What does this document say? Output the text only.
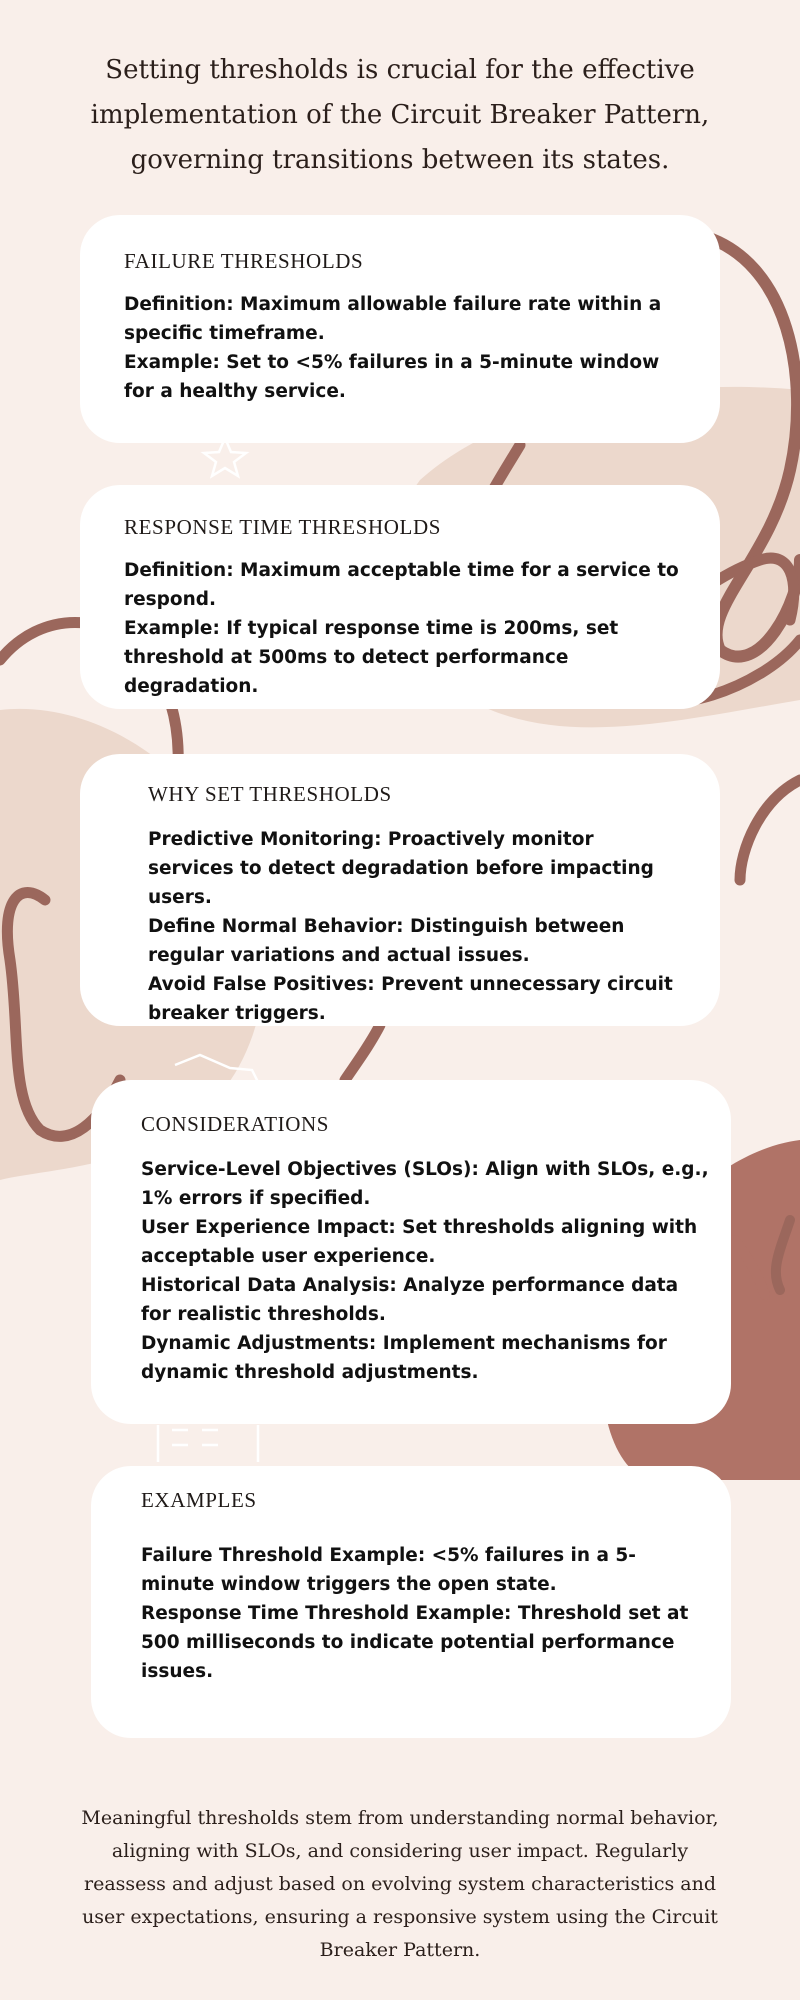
Setting thresholds is crucial for the effective implementation of the Circuit Breaker Pattern, governing transitions between its states.

FAILURE THRESHOLDS

Definition: Maximum allowable failure rate within a specific timeframe.

Example: Set to <5% failures in a 5-minute window for a healthy service.

RESPONSE TIME THRESHOLDS

Definition: Maximum acceptable time for a service to respond.

Example: If typical response time is 200ms, set threshold at 500ms to detect performance degradation.

WHY SET THRESHOLDS

Predictive Monitoring: Proactively monitor services to detect degradation before impacting users.

Define Normal Behavior: Distinguish between regular variations and actual issues.

Avoid False Positives: Prevent unnecessary circuit breaker triggers.

CONSIDERATIONS

Service-Level Objectives (SLOs): Align with SLOs, e.g., 1% errors if specified.

User Experience Impact: Set thresholds aligning with acceptable user experience.

Historical Data Analysis: Analyze performance data for realistic thresholds.

Dynamic Adjustments: Implement mechanisms for dynamic threshold adjustments.

EXAMPLES

Failure Threshold Example: <5% failures in a 5-minute window triggers the open state.

Response Time Threshold Example: Threshold set at 500 milliseconds to indicate potential performance issues.

Meaningful thresholds stem from understanding normal behavior, aligning with SLOs, and considering user impact. Regularly reassess and adjust based on evolving system characteristics and user expectations, ensuring a responsive system using the Circuit Breaker Pattern.
